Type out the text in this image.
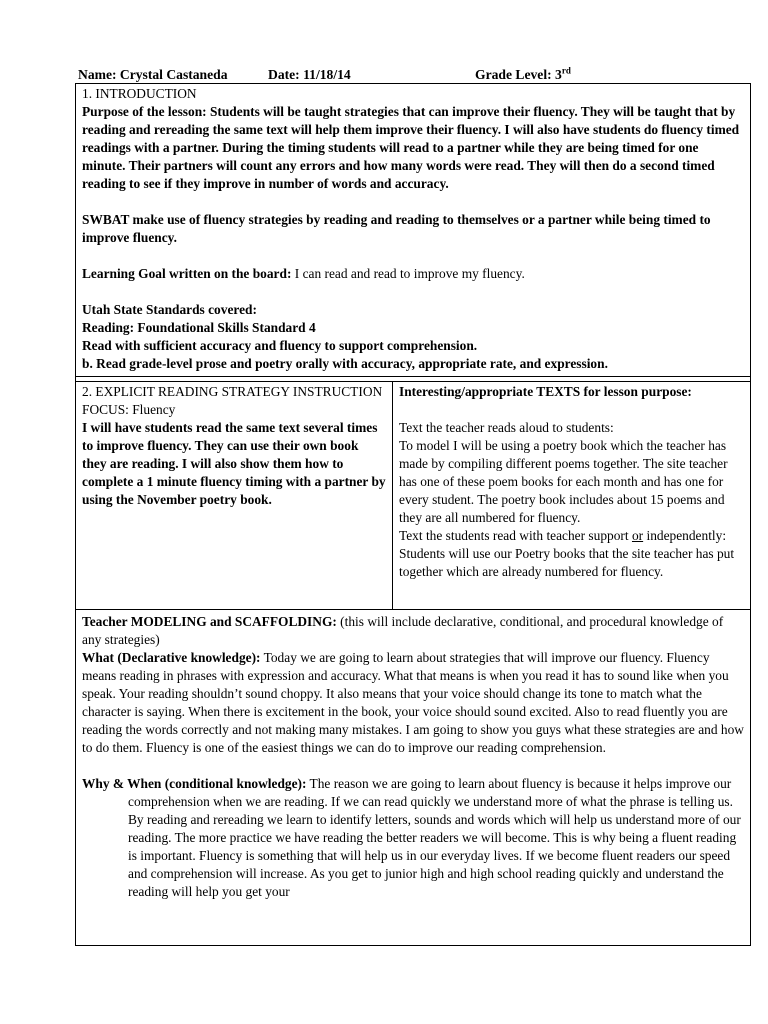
Name: Crystal Castaneda	Date: 11/18/14	Grade Level: 3rd

1. INTRODUCTION

Purpose of the lesson: Students will be taught strategies that can improve their fluency. They will be taught that by reading and rereading the same text will help them improve their fluency. I will also have students do fluency timed readings with a partner. During the timing students will read to a partner while they are being timed for one minute. Their partners will count any errors and how many words were read. They will then do a second timed reading to see if they improve in number of words and accuracy.

SWBAT make use of fluency strategies by reading and reading to themselves or a partner while being timed to improve fluency.

Learning Goal written on the board: I can read and read to improve my fluency.

Utah State Standards covered:

Reading: Foundational Skills Standard 4

Read with sufficient accuracy and fluency to support comprehension.

b. Read grade-level prose and poetry orally with accuracy, appropriate rate, and expression.

2. EXPLICIT READING STRATEGY INSTRUCTION FOCUS: Fluency

I will have students read the same text several times to improve fluency. They can use their own book they are reading. I will also show them how to complete a 1 minute fluency timing with a partner by using the November poetry book.

Interesting/appropriate TEXTS for lesson purpose:

Text the teacher reads aloud to students:

To model I will be using a poetry book which the teacher has made by compiling different poems together. The site teacher has one of these poem books for each month and has one for every student. The poetry book includes about 15 poems and they are all numbered for fluency.

Text the students read with teacher support or independently: Students will use our Poetry books that the site teacher has put together which are already numbered for fluency.

Teacher MODELING and SCAFFOLDING: (this will include declarative, conditional, and procedural knowledge of any strategies)

What (Declarative knowledge): Today we are going to learn about strategies that will improve our fluency. Fluency means reading in phrases with expression and accuracy. What that means is when you read it has to sound like when you speak. Your reading shouldn’t sound choppy. It also means that your voice should change its tone to match what the character is saying. When there is excitement in the book, your voice should sound excited. Also to read fluently you are reading the words correctly and not making many mistakes. I am going to show you guys what these strategies are and how to do them. Fluency is one of the easiest things we can do to improve our reading comprehension.

Why & When (conditional knowledge): The reason we are going to learn about fluency is because it helps improve our comprehension when we are reading. If we can read quickly we understand more of what the phrase is telling us. By reading and rereading we learn to identify letters, sounds and words which will help us understand more of our reading. The more practice we have reading the better readers we will become. This is why being a fluent reading is important. Fluency is something that will help us in our everyday lives. If we become fluent readers our speed and comprehension will increase. As you get to junior high and high school reading quickly and understand the reading will help you get your
